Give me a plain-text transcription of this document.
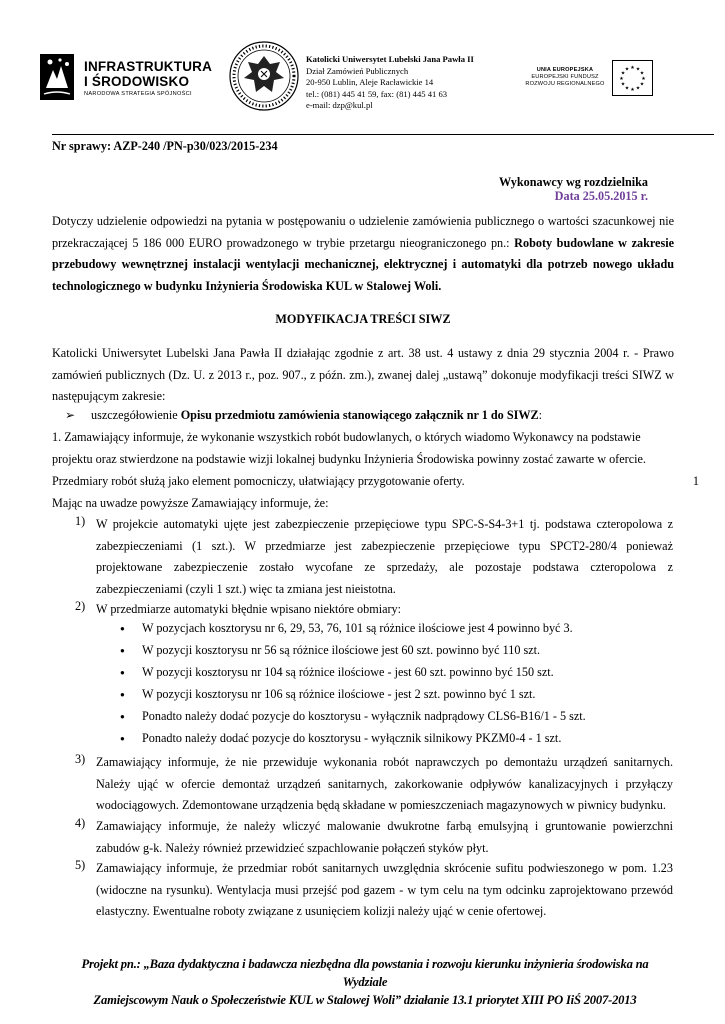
INFRASTRUKTURA
I ŚRODOWISKO
NARODOWA STRATEGIA SPÓJNOŚCI
Katolicki Uniwersytet Lubelski Jana Pawła II
Dział Zamówień Publicznych
20-950 Lublin, Aleje Racławickie 14
tel.: (081) 445 41 59, fax: (81) 445 41 63
e-mail: dzp@kul.pl
UNIA EUROPEJSKA
EUROPEJSKI FUNDUSZ
ROZWOJU REGIONALNEGO
★
★
★
★
★
★
★
★
★ ★ ★
★
Nr sprawy: AZP-240 /PN-p30/023/2015-234
Wykonawcy wg rozdzielnika
Data 25.05.2015 r.
Dotyczy udzielenie odpowiedzi na pytania w postępowaniu o udzielenie zamówienia publicznego o wartości szacunkowej nie przekraczającej 5 186 000 EURO prowadzonego w trybie przetargu nieograniczonego pn.: Roboty budowlane w zakresie przebudowy wewnętrznej instalacji wentylacji mechanicznej, elektrycznej i automatyki dla potrzeb nowego układu technologicznego w budynku Inżynieria Środowiska KUL w Stalowej Woli.
MODYFIKACJA TREŚCI SIWZ
Katolicki Uniwersytet Lubelski Jana Pawła II działając zgodnie z art. 38 ust. 4 ustawy z dnia 29 stycznia 2004 r. - Prawo zamówień publicznych (Dz. U. z 2013 r., poz. 907., z późn. zm.), zwanej dalej „ustawą” dokonuje modyfikacji treści SIWZ w następującym zakresie:
➢ uszczegółowienie Opisu przedmiotu zamówienia stanowiącego załącznik nr 1 do SIWZ:
1. Zamawiający informuje, że wykonanie wszystkich robót budowlanych, o których wiadomo Wykonawcy na podstawie
projektu oraz stwierdzone na podstawie wizji lokalnej budynku Inżynieria Środowiska powinny zostać zawarte w ofercie.
Przedmiary robót służą jako element pomocniczy, ułatwiający przygotowanie oferty.	1
Mając na uwadze powyższe Zamawiający informuje, że:
1) W projekcie automatyki ujęte jest zabezpieczenie przepięciowe typu SPC-S-S4-3+1 tj. podstawa czteropolowa z zabezpieczeniami (1 szt.). W przedmiarze jest zabezpieczenie przepięciowe typu SPCT2-280/4 ponieważ projektowane zabezpieczenie zostało wycofane ze sprzedaży, ale pozostaje podstawa czteropolowa z zabezpieczeniami (czyli 1 szt.) więc ta zmiana jest nieistotna.
2) W przedmiarze automatyki błędnie wpisano niektóre obmiary:
● W pozycjach kosztorysu nr 6, 29, 53, 76, 101 są różnice ilościowe jest 4 powinno być 3.
● W pozycji kosztorysu nr 56 są różnice ilościowe jest 60 szt. powinno być 110 szt.
● W pozycji kosztorysu nr 104 są różnice ilościowe - jest 60 szt. powinno być 150 szt.
● W pozycji kosztorysu nr 106 są różnice ilościowe - jest 2 szt. powinno być 1 szt.
● Ponadto należy dodać pozycje do kosztorysu - wyłącznik nadprądowy CLS6-B16/1 - 5 szt.
● Ponadto należy dodać pozycje do kosztorysu - wyłącznik silnikowy PKZM0-4 - 1 szt.
3) Zamawiający informuje, że nie przewiduje wykonania robót naprawczych po demontażu urządzeń sanitarnych. Należy ująć w ofercie demontaż urządzeń sanitarnych, zakorkowanie odpływów kanalizacyjnych i przyłączy wodociągowych. Zdemontowane urządzenia będą składane w pomieszczeniach magazynowych w piwnicy budynku.
4) Zamawiający informuje, że należy wliczyć malowanie dwukrotne farbą emulsyjną i gruntowanie powierzchni zabudów g-k. Należy również przewidzieć szpachlowanie połączeń styków płyt.
5) Zamawiający informuje, że przedmiar robót sanitarnych uwzględnia skrócenie sufitu podwieszonego w pom. 1.23 (widoczne na rysunku). Wentylacja musi przejść pod gazem - w tym celu na tym odcinku zaprojektowano przewód elastyczny. Ewentualne roboty związane z usunięciem kolizji należy ująć w cenie ofertowej.
Projekt pn.: „Baza dydaktyczna i badawcza niezbędna dla powstania i rozwoju kierunku inżynieria środowiska na Wydziale
Zamiejscowym Nauk o Społeczeństwie KUL w Stalowej Woli” działanie 13.1 priorytet XIII PO IiŚ 2007-2013
